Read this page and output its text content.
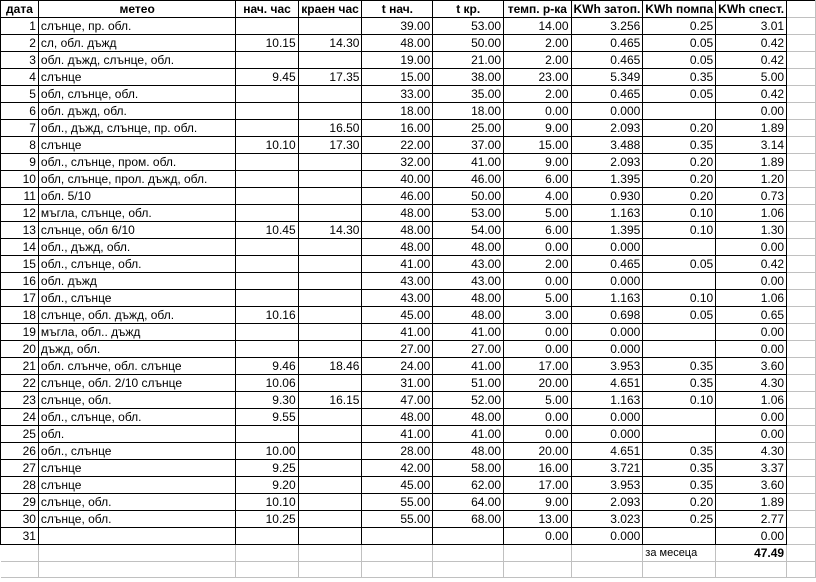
дата	метео	нач. час	краен час	t нач.	t кр.	темп. р-ка	KWh затоп.	KWh помпа	KWh спест.	
1	слънце, пр. обл.			39.00	53.00	14.00	3.256	0.25	3.01	
2	сл, обл. дъжд	10.15	14.30	48.00	50.00	2.00	0.465	0.05	0.42	
3	обл. дъжд, слънце, обл.			19.00	21.00	2.00	0.465	0.05	0.42	
4	слънце	9.45	17.35	15.00	38.00	23.00	5.349	0.35	5.00	
5	обл, слънце, обл.			33.00	35.00	2.00	0.465	0.05	0.42	
6	обл. дъжд, обл.			18.00	18.00	0.00	0.000		0.00	
7	обл., дъжд, слънце, пр. обл.		16.50	16.00	25.00	9.00	2.093	0.20	1.89	
8	слънце	10.10	17.30	22.00	37.00	15.00	3.488	0.35	3.14	
9	обл., слънце, пром. обл.			32.00	41.00	9.00	2.093	0.20	1.89	
10	обл, слънце, прол. дъжд, обл.			40.00	46.00	6.00	1.395	0.20	1.20	
11	обл. 5/10			46.00	50.00	4.00	0.930	0.20	0.73	
12	мъгла, слънце, обл.			48.00	53.00	5.00	1.163	0.10	1.06	
13	слънце, обл 6/10	10.45	14.30	48.00	54.00	6.00	1.395	0.10	1.30	
14	обл., дъжд, обл.			48.00	48.00	0.00	0.000		0.00	
15	обл., слънце, обл.			41.00	43.00	2.00	0.465	0.05	0.42	
16	обл. дъжд			43.00	43.00	0.00	0.000		0.00	
17	обл., слънце			43.00	48.00	5.00	1.163	0.10	1.06	
18	слънце, обл. дъжд, обл.	10.16		45.00	48.00	3.00	0.698	0.05	0.65	
19	мъгла, обл.. дъжд			41.00	41.00	0.00	0.000		0.00	
20	дъжд, обл.			27.00	27.00	0.00	0.000		0.00	
21	обл. слънче, обл. слънце	9.46	18.46	24.00	41.00	17.00	3.953	0.35	3.60	
22	слънце, обл. 2/10 слънце	10.06		31.00	51.00	20.00	4.651	0.35	4.30	
23	слънце, обл.	9.30	16.15	47.00	52.00	5.00	1.163	0.10	1.06	
24	обл., слънце, обл.	9.55		48.00	48.00	0.00	0.000		0.00	
25	обл.			41.00	41.00	0.00	0.000		0.00	
26	обл., слънце	10.00		28.00	48.00	20.00	4.651	0.35	4.30	
27	слънце	9.25		42.00	58.00	16.00	3.721	0.35	3.37	
28	слънце	9.20		45.00	62.00	17.00	3.953	0.35	3.60	
29	слънце, обл.	10.10		55.00	64.00	9.00	2.093	0.20	1.89	
30	слънце, обл.	10.25		55.00	68.00	13.00	3.023	0.25	2.77	
31						0.00	0.000		0.00	
								за месеца	47.49	
